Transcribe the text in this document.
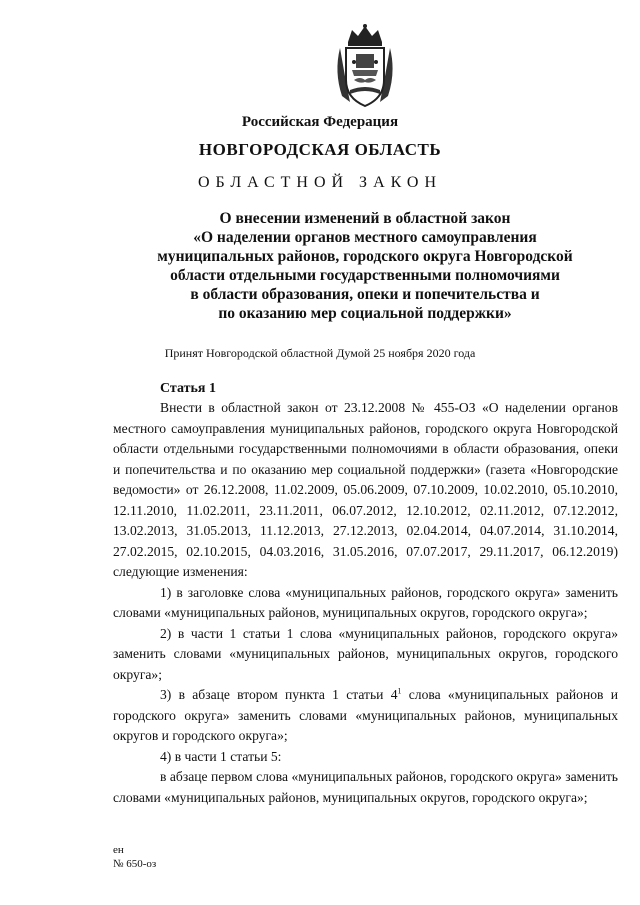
Российская Федерация
НОВГОРОДСКАЯ ОБЛАСТЬ
ОБЛАСТНОЙ ЗАКОН
О внесении изменений в областной закон
«О наделении органов местного самоуправления
муниципальных районов, городского округа Новгородской
области отдельными государственными полномочиями
в области образования, опеки и попечительства и
по оказанию мер социальной поддержки»
Принят Новгородской областной Думой 25 ноября 2020 года
Статья 1

Внести в областной закон от 23.12.2008 № 455-ОЗ «О наделении органов местного самоуправления муниципальных районов, городского округа Новгородской области отдельными государственными полномочиями в области образования, опеки и попечительства и по оказанию мер социальной поддержки» (газета «Новгородские ведомости» от 26.12.2008, 11.02.2009, 05.06.2009, 07.10.2009, 10.02.2010, 05.10.2010, 12.11.2010, 11.02.2011, 23.11.2011, 06.07.2012, 12.10.2012, 02.11.2012, 07.12.2012, 13.02.2013, 31.05.2013, 11.12.2013, 27.12.2013, 02.04.2014, 04.07.2014, 31.10.2014, 27.02.2015, 02.10.2015, 04.03.2016, 31.05.2016, 07.07.2017, 29.11.2017, 06.12.2019) следующие изменения:

1) в заголовке слова «муниципальных районов, городского округа» заменить словами «муниципальных районов, муниципальных округов, городского округа»;

2) в части 1 статьи 1 слова «муниципальных районов, городского округа» заменить словами «муниципальных районов, муниципальных округов, городского округа»;

3) в абзаце втором пункта 1 статьи $4^1$ слова «муниципальных районов и городского округа» заменить словами «муниципальных районов, муниципальных округов и городского округа»;

4) в части 1 статьи 5:

в абзаце первом слова «муниципальных районов, городского округа» заменить словами «муниципальных районов, муниципальных округов, городского округа»;

ен
№ 650-оз
